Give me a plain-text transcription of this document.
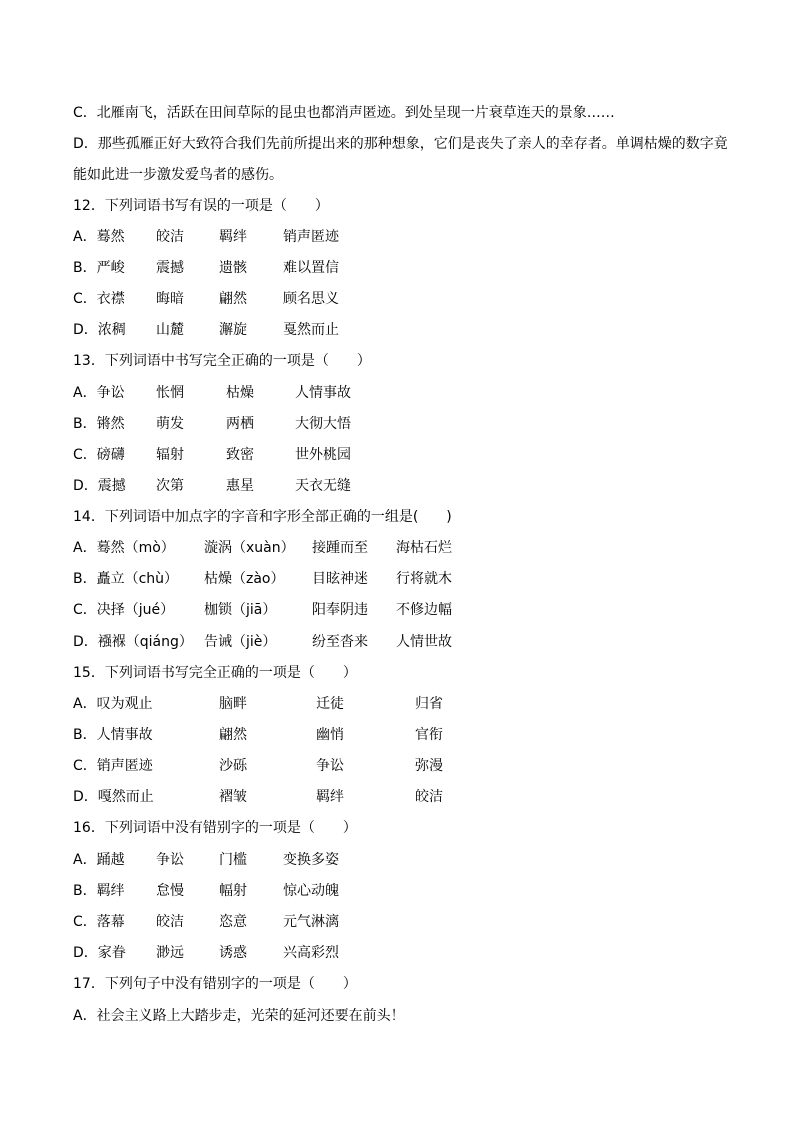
C．北雁南飞，活跃在田间草际的昆虫也都消声匿迹。到处呈现一片衰草连天的景象……
D．那些孤雁正好大致符合我们先前所提出来的那种想象，它们是丧失了亲人的幸存者。单调枯燥的数字竟
能如此进一步激发爱鸟者的感伤。
12．下列词语书写有误的一项是（　　）
A．蓦然 皎洁	羁绊	销声匿迹
B．严峻 震撼	遗骸	难以置信
C．衣襟 晦暗	翩然	顾名思义
D．浓稠 山麓	澥旋	戛然而止
13．下列词语中书写完全正确的一项是（　　）
A．争讼 怅惘	枯燥	人情事故
B．锵然 萌发	两栖	大彻大悟
C．磅礴 辐射	致密	世外桃园
D．震撼 次第	惠星	天衣无缝
14．下列词语中加点字的字音和字形全部正确的一组是(　　)
A．蓦然（mò） 漩涡（xuàn） 接踵而至 海枯石烂
B．矗立（chù） 枯燥（zào） 目眩神迷 行将就木
C．决择（jué） 枷锁（jiā）	阳奉阴违 不修边幅
D．襁褓（qiáng） 告诫（jiè）	纷至沓来 人情世故
15．下列词语书写完全正确的一项是（　　）
A．叹为观止	脑畔	迁徒	归省
B．人情事故	翩然	幽悄	官衔
C．销声匿迹	沙砾	争讼	弥漫
D．嘎然而止	褶皱	羁绊	皎洁
16．下列词语中没有错别字的一项是（　　）
A．踊越 争讼	门槛	变换多姿
B．羁绊 怠慢	幅射	惊心动魄
C．落幕 皎洁	恣意	元气淋漓
D．家眷 渺远	诱惑	兴高彩烈
17．下列句子中没有错别字的一项是（　　）
A．社会主义路上大踏步走，光荣的延河还要在前头！
